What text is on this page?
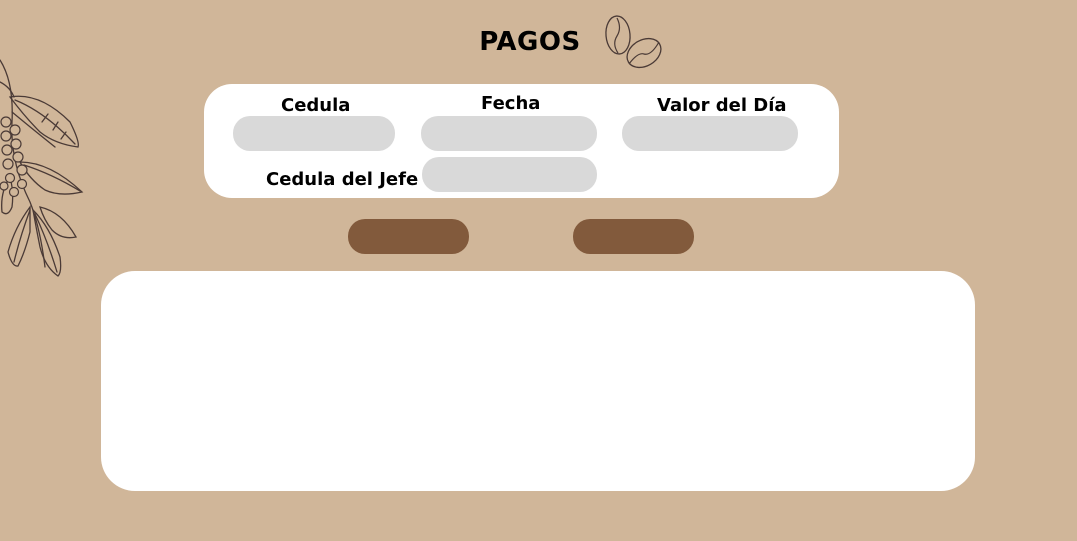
PAGOS
Cedula	Fecha	Valor del Día
Cedula del Jefe
